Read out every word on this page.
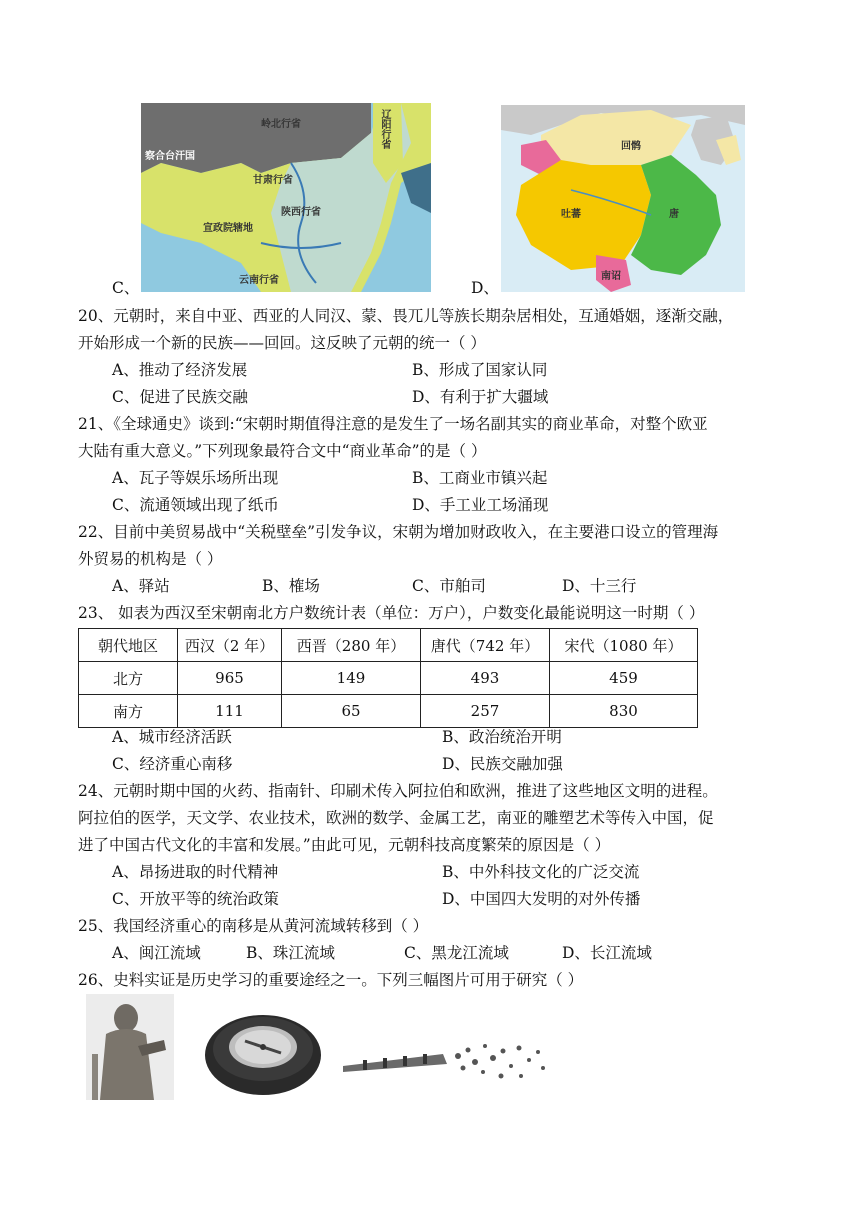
C、
岭北行省	辽阳行省
察合台汗国
宣政院辖地
甘肃行省
陕西行省
云南行省	D、
回鹘
吐蕃	唐
南诏
20、元朝时，来自中亚、西亚的人同汉、蒙、畏兀儿等族长期杂居相处，互通婚姻，逐渐交融，
开始形成一个新的民族——回回。这反映了元朝的统一（ ）
A、推动了经济发展	B、形成了国家认同
C、促进了民族交融	D、有利于扩大疆域
21、《全球通史》谈到:“宋朝时期值得注意的是发生了一场名副其实的商业革命，对整个欧亚
大陆有重大意义。”下列现象最符合文中“商业革命”的是（ ）
A、瓦子等娱乐场所出现	B、工商业市镇兴起
C、流通领域出现了纸币	D、手工业工场涌现
22、目前中美贸易战中“关税壁垒”引发争议，宋朝为增加财政收入，在主要港口设立的管理海
外贸易的机构是（ ）
A、驿站	B、榷场	C、市舶司	D、十三行
23、 如表为西汉至宋朝南北方户数统计表（单位：万户），户数变化最能说明这一时期（ ）
朝代地区	西汉（2 年）	西晋（280 年）	唐代（742 年）	宋代（1080 年）
北方	965	149	493	459
南方	111	65	257	830
A、城市经济活跃	B、政治统治开明
C、经济重心南移	D、民族交融加强
24、元朝时期中国的火药、指南针、印刷术传入阿拉伯和欧洲，推进了这些地区文明的进程。
阿拉伯的医学，天文学、农业技术，欧洲的数学、金属工艺，南亚的雕塑艺术等传入中国，促
进了中国古代文化的丰富和发展。”由此可见，元朝科技高度繁荣的原因是（ ）
A、昂扬进取的时代精神	B、中外科技文化的广泛交流
C、开放平等的统治政策	D、中国四大发明的对外传播
25、我国经济重心的南移是从黄河流域转移到（ ）
A、闽江流域	B、珠江流域	C、黑龙江流域	D、长江流域
26、史料实证是历史学习的重要途经之一。下列三幅图片可用于研究（ ）
